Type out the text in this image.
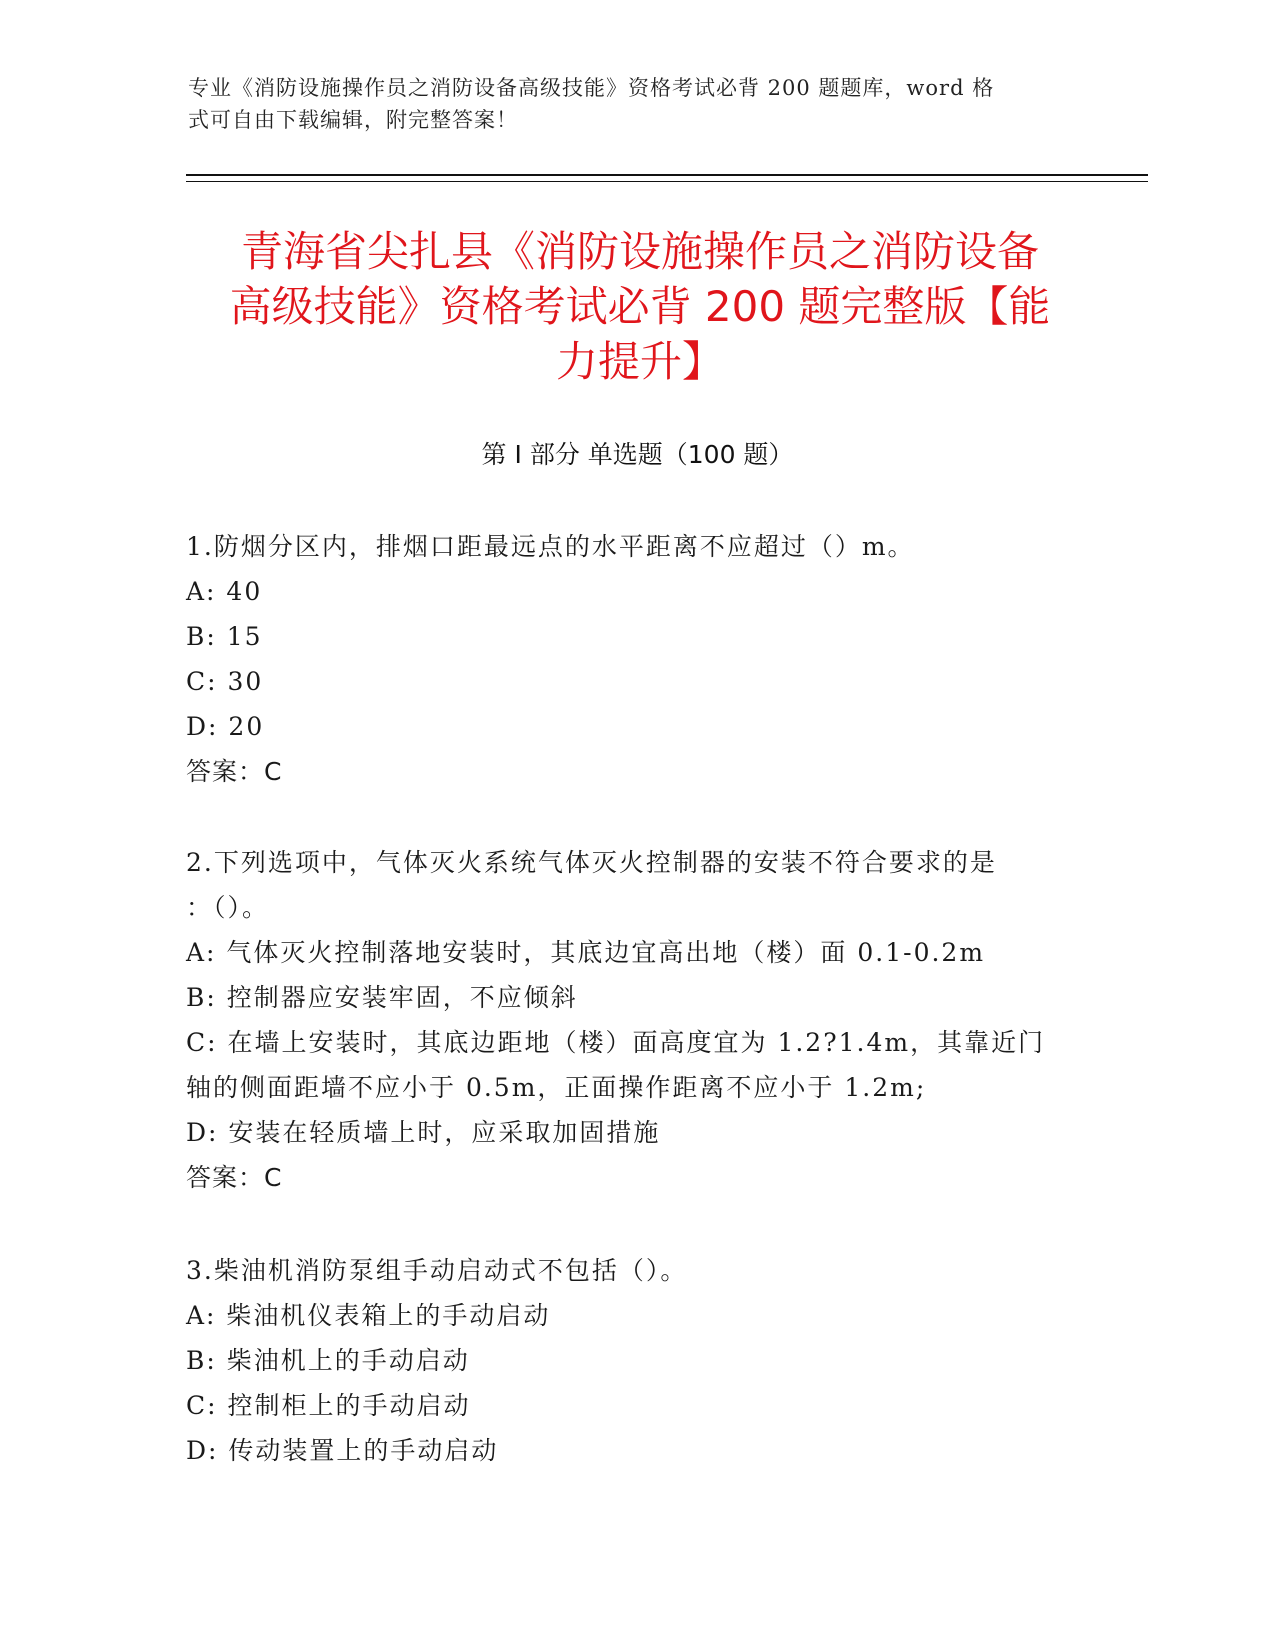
专业《消防设施操作员之消防设备高级技能》资格考试必背 200 题题库，word 格
式可自由下载编辑，附完整答案！
青海省尖扎县《消防设施操作员之消防设备
高级技能》资格考试必背 200 题完整版【能
力提升】
第 I 部分 单选题（100 题）
1.防烟分区内，排烟口距最远点的水平距离不应超过（）m。
A: 40
B: 15
C: 30
D: 20
答案：C
2.下列选项中，气体灭火系统气体灭火控制器的安装不符合要求的是
：（）。
A: 气体灭火控制落地安装时，其底边宜高出地（楼）面 0.1-0.2m
B: 控制器应安装牢固，不应倾斜
C: 在墙上安装时，其底边距地（楼）面高度宜为 1.2?1.4m，其靠近门
轴的侧面距墙不应小于 0.5m，正面操作距离不应小于 1.2m;
D: 安装在轻质墙上时，应采取加固措施
答案：C
3.柴油机消防泵组手动启动式不包括（）。
A: 柴油机仪表箱上的手动启动
B: 柴油机上的手动启动
C: 控制柜上的手动启动
D: 传动装置上的手动启动
